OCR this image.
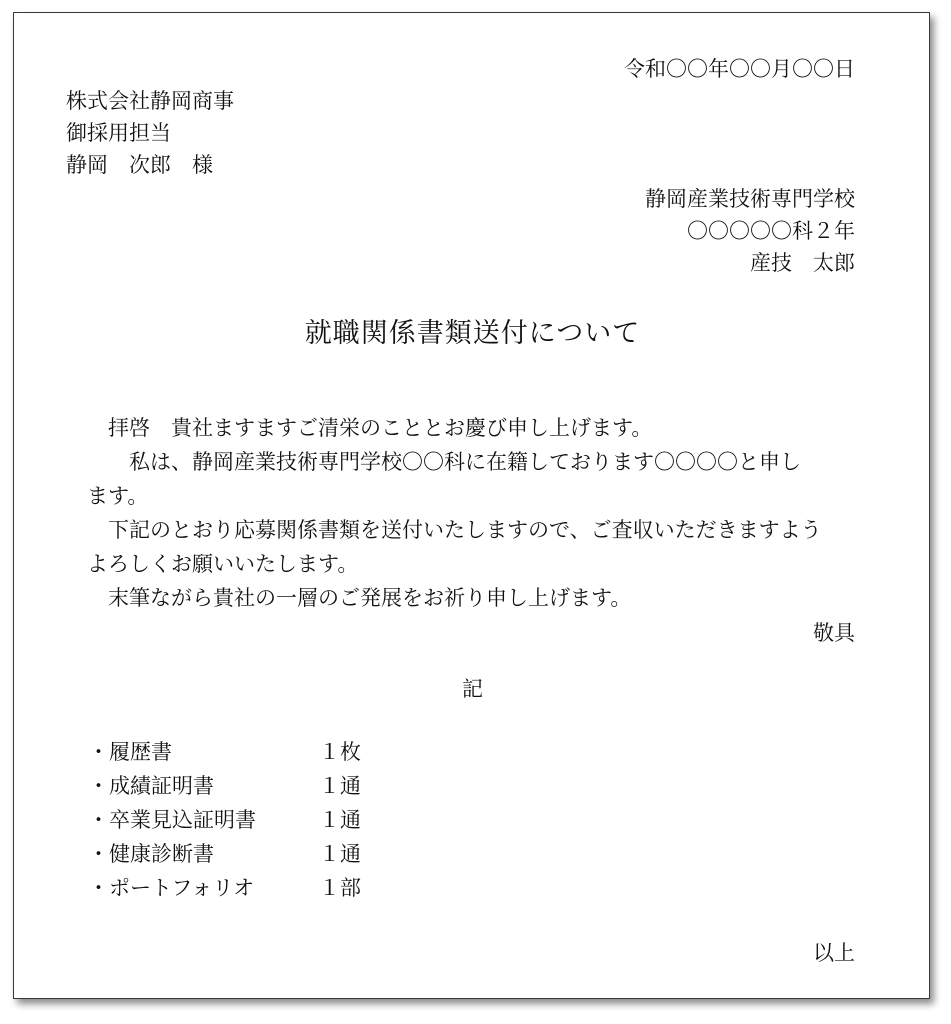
令和〇〇年〇〇月〇〇日
株式会社静岡商事
御採用担当
静岡　次郎　様
静岡産業技術専門学校
〇〇〇〇〇科２年
産技　太郎
就職関係書類送付について
拝啓　貴社ますますご清栄のこととお慶び申し上げます。
私は、静岡産業技術専門学校〇〇科に在籍しております〇〇〇〇と申し
ます。
下記のとおり応募関係書類を送付いたしますので、ご査収いただきますよう
よろしくお願いいたします。
末筆ながら貴社の一層のご発展をお祈り申し上げます。
敬具
記
・履歴書	１枚
・成績証明書	１通
・卒業見込証明書	１通
・健康診断書	１通
・ポートフォリオ	１部
以上
